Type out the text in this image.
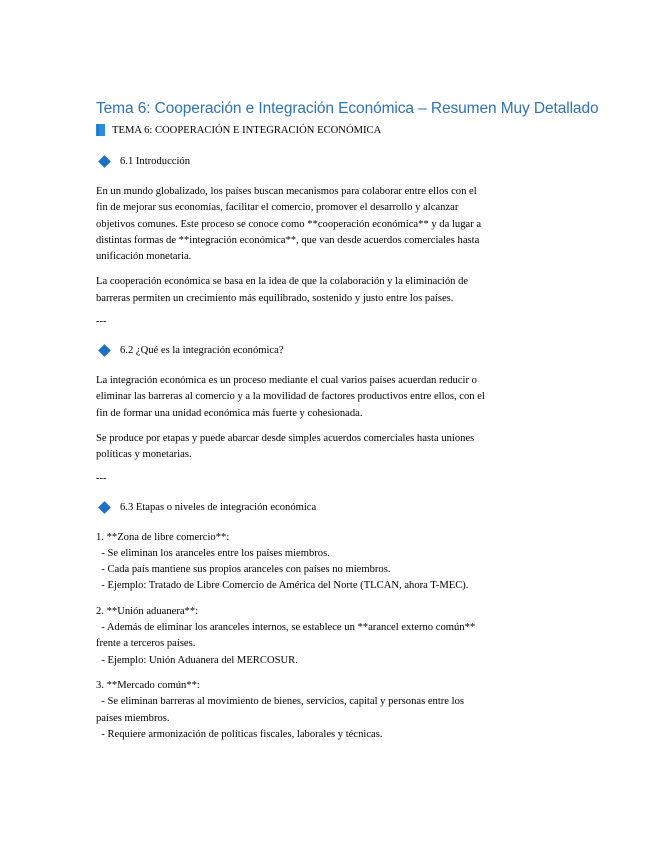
Tema 6: Cooperación e Integración Económica – Resumen Muy Detallado
TEMA 6: COOPERACIÓN E INTEGRACIÓN ECONÓMICA
6.1 Introducción
En un mundo globalizado, los países buscan mecanismos para colaborar entre ellos con el
fin de mejorar sus economías, facilitar el comercio, promover el desarrollo y alcanzar
objetivos comunes. Este proceso se conoce como **cooperación económica** y da lugar a
distintas formas de **integración económica**, que van desde acuerdos comerciales hasta
unificación monetaria.
La cooperación económica se basa en la idea de que la colaboración y la eliminación de
barreras permiten un crecimiento más equilibrado, sostenido y justo entre los países.
---
6.2 ¿Qué es la integración económica?
La integración económica es un proceso mediante el cual varios países acuerdan reducir o
eliminar las barreras al comercio y a la movilidad de factores productivos entre ellos, con el
fin de formar una unidad económica más fuerte y cohesionada.
Se produce por etapas y puede abarcar desde simples acuerdos comerciales hasta uniones
políticas y monetarias.
---
6.3 Etapas o niveles de integración económica
1. **Zona de libre comercio**:
- Se eliminan los aranceles entre los países miembros.
- Cada país mantiene sus propios aranceles con países no miembros.
- Ejemplo: Tratado de Libre Comercio de América del Norte (TLCAN, ahora T-MEC).
2. **Unión aduanera**:
- Además de eliminar los aranceles internos, se establece un **arancel externo común**
frente a terceros países.
- Ejemplo: Unión Aduanera del MERCOSUR.
3. **Mercado común**:
- Se eliminan barreras al movimiento de bienes, servicios, capital y personas entre los
países miembros.
- Requiere armonización de políticas fiscales, laborales y técnicas.
